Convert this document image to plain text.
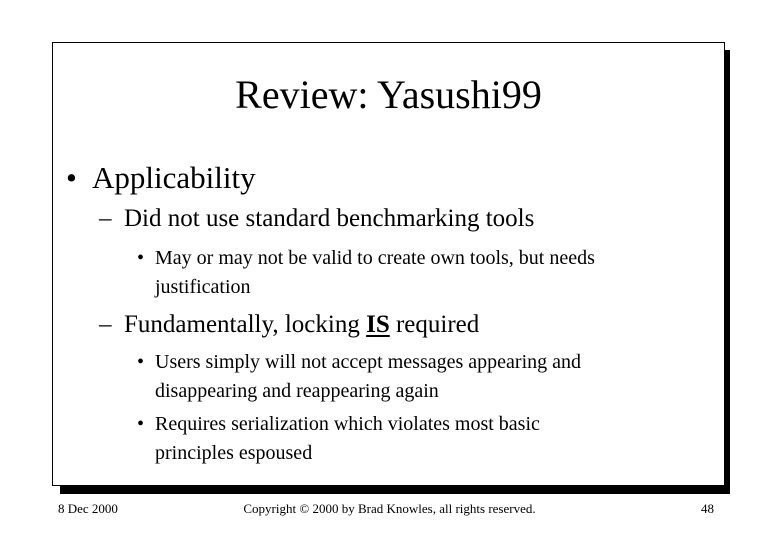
Review: Yasushi99
• Applicability
– Did not use standard benchmarking tools
• May or may not be valid to create own tools, but needs
justification
– Fundamentally, locking IS required
• Users simply will not accept messages appearing and
disappearing and reappearing again
• Requires serialization which violates most basic
principles espoused
8 Dec 2000	Copyright © 2000 by Brad Knowles, all rights reserved.	48
